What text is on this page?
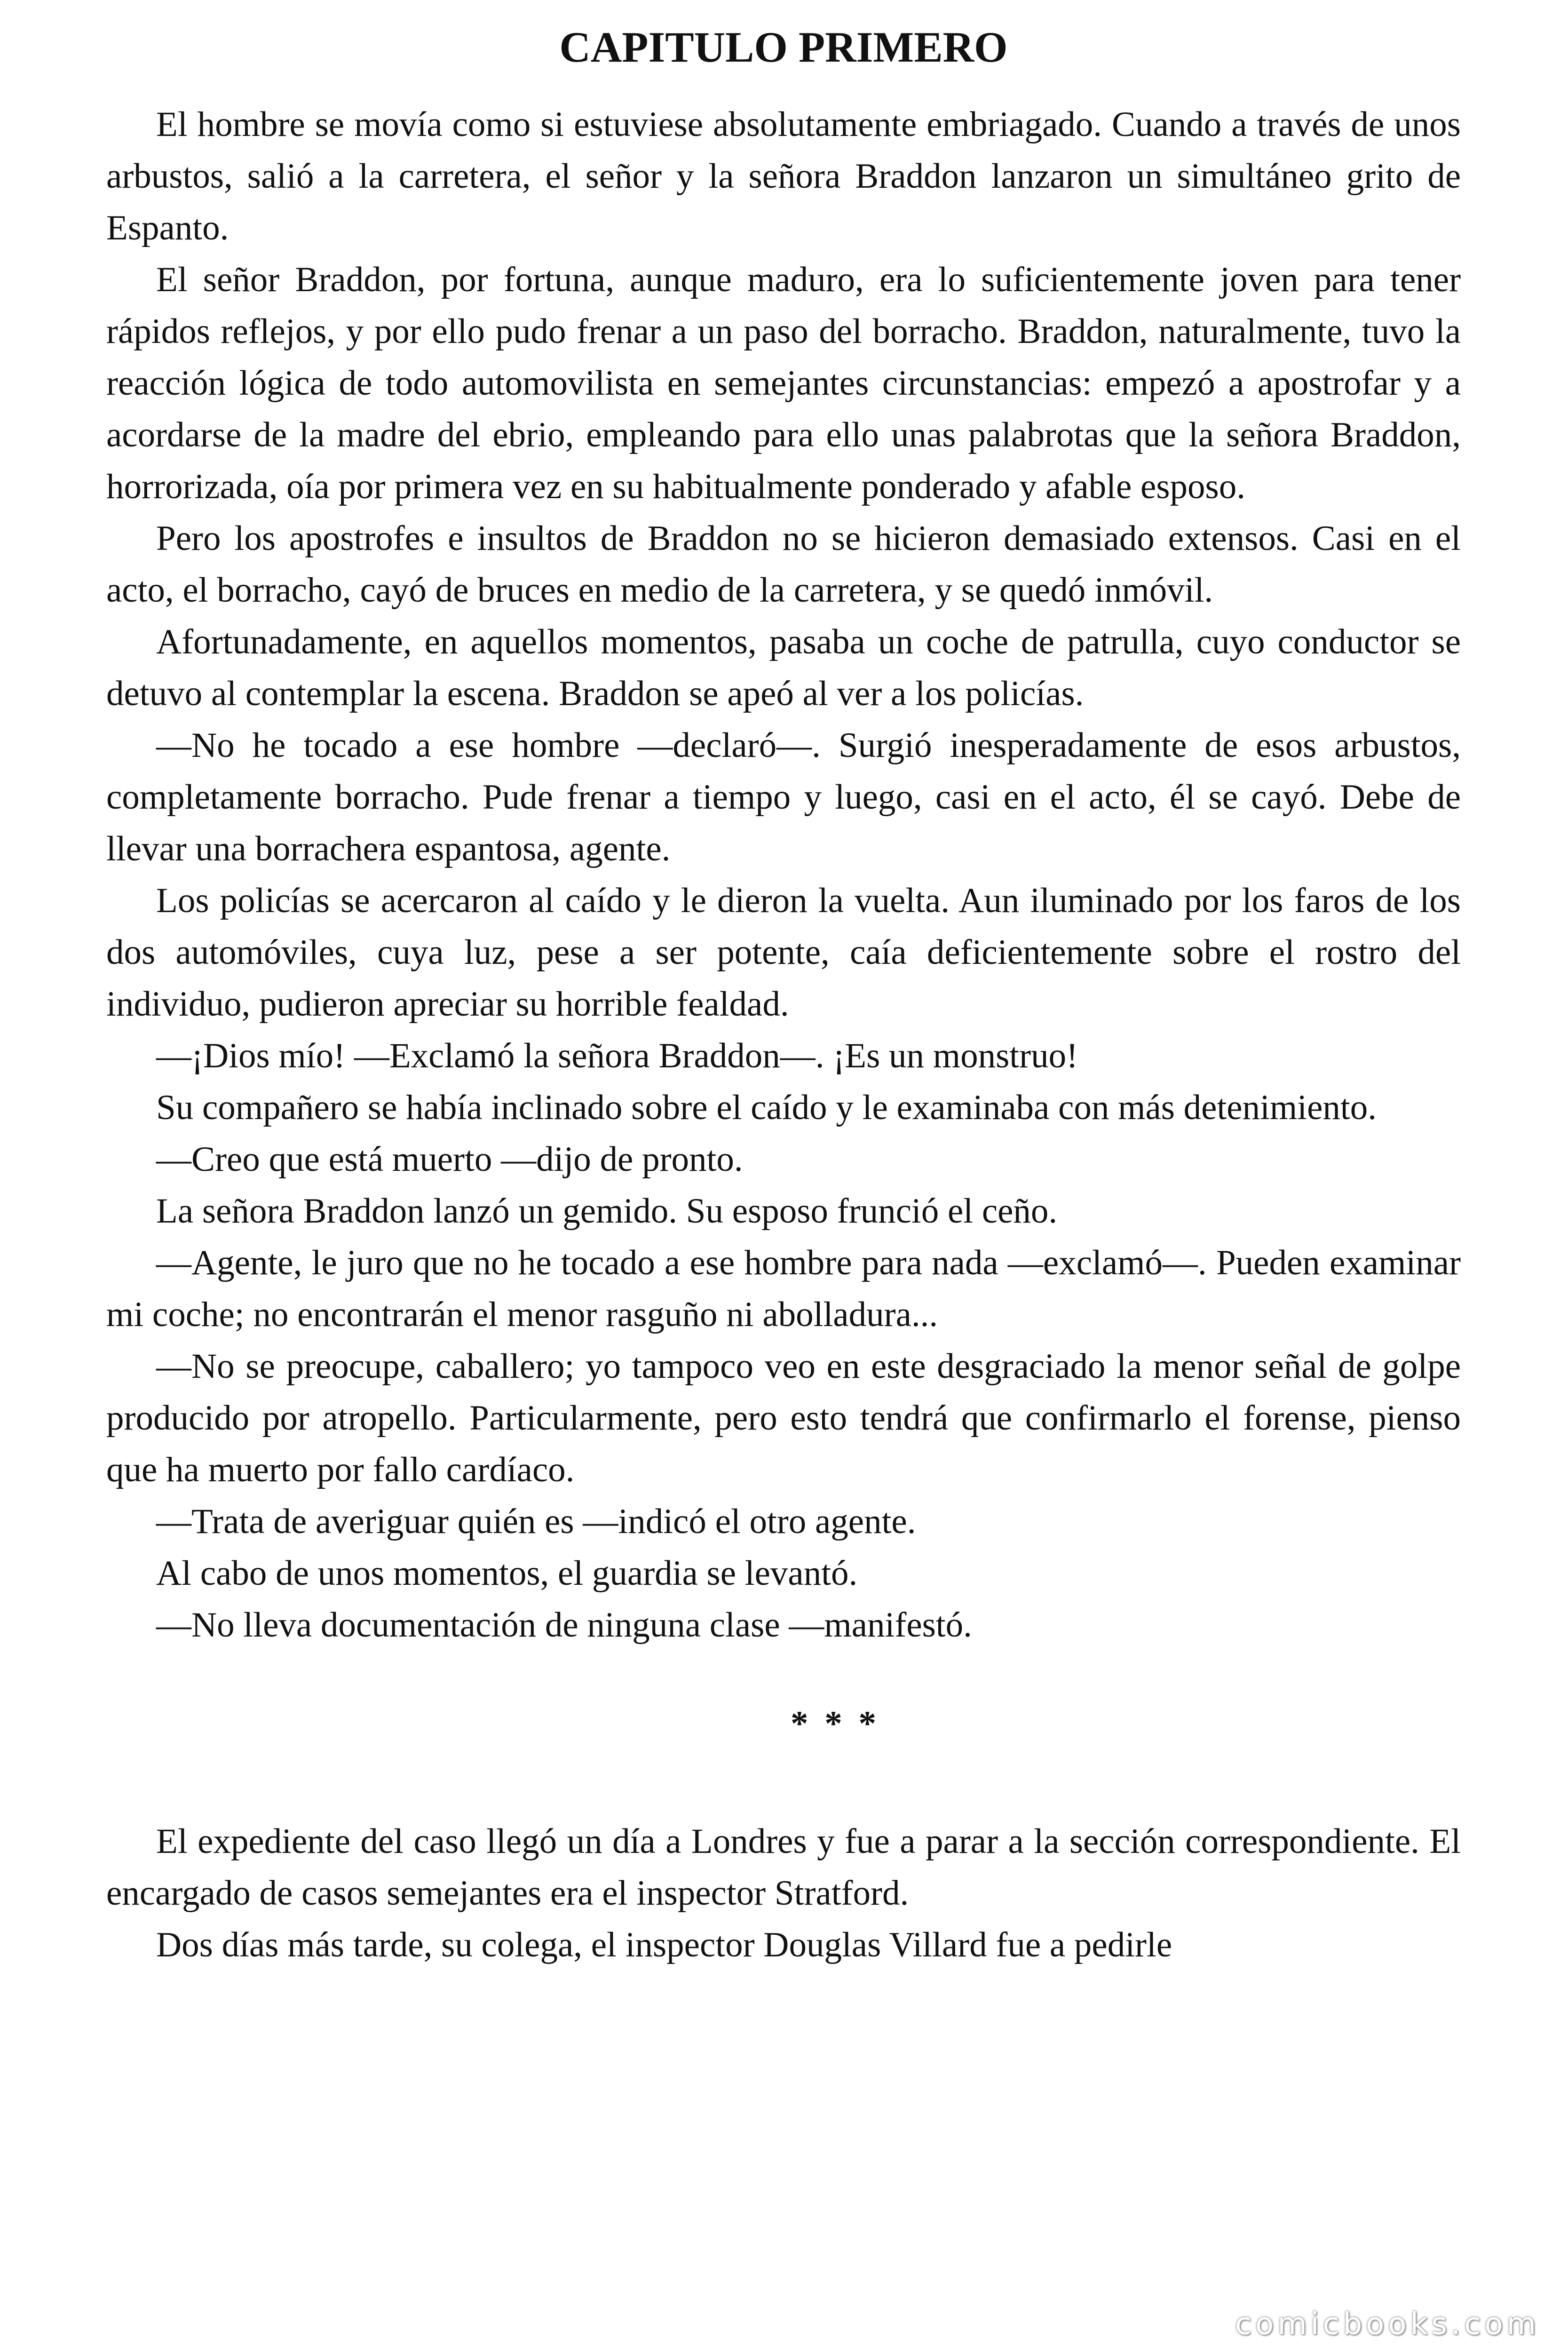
CAPITULO PRIMERO

El hombre se movía como si estuviese absolutamente embriagado. Cuando a través de unos arbustos, salió a la carretera, el señor y la señora Braddon lanzaron un simultáneo grito de Espanto.

El señor Braddon, por fortuna, aunque maduro, era lo suficientemente joven para tener rápidos reflejos, y por ello pudo frenar a un paso del borracho. Braddon, naturalmente, tuvo la reacción lógica de todo automovilista en semejantes circunstancias: empezó a apostrofar y a acordarse de la madre del ebrio, empleando para ello unas palabrotas que la señora Braddon, horrorizada, oía por primera vez en su habitualmente ponderado y afable esposo.

Pero los apostrofes e insultos de Braddon no se hicieron demasiado extensos. Casi en el acto, el borracho, cayó de bruces en medio de la carretera, y se quedó inmóvil.

Afortunadamente, en aquellos momentos, pasaba un coche de patrulla, cuyo conductor se detuvo al contemplar la escena. Braddon se apeó al ver a los policías.

—No he tocado a ese hombre —declaró—. Surgió inesperadamente de esos arbustos, completamente borracho. Pude frenar a tiempo y luego, casi en el acto, él se cayó. Debe de llevar una borrachera espantosa, agente.

Los policías se acercaron al caído y le dieron la vuelta. Aun iluminado por los faros de los dos automóviles, cuya luz, pese a ser potente, caía deficientemente sobre el rostro del individuo, pudieron apreciar su horrible fealdad.

—¡Dios mío! —Exclamó la señora Braddon—. ¡Es un monstruo!

Su compañero se había inclinado sobre el caído y le examinaba con más detenimiento.

—Creo que está muerto —dijo de pronto.

La señora Braddon lanzó un gemido. Su esposo frunció el ceño.

—Agente, le juro que no he tocado a ese hombre para nada —exclamó—. Pueden examinar mi coche; no encontrarán el menor rasguño ni abolladura...

—No se preocupe, caballero; yo tampoco veo en este desgraciado la menor señal de golpe producido por atropello. Particularmente, pero esto tendrá que confirmarlo el forense, pienso que ha muerto por fallo cardíaco.

—Trata de averiguar quién es —indicó el otro agente.

Al cabo de unos momentos, el guardia se levantó.

—No lleva documentación de ninguna clase —manifestó.

* * *

El expediente del caso llegó un día a Londres y fue a parar a la sección correspondiente. El encargado de casos semejantes era el inspector Stratford.

Dos días más tarde, su colega, el inspector Douglas Villard fue a pedirle

comicbooks.com
